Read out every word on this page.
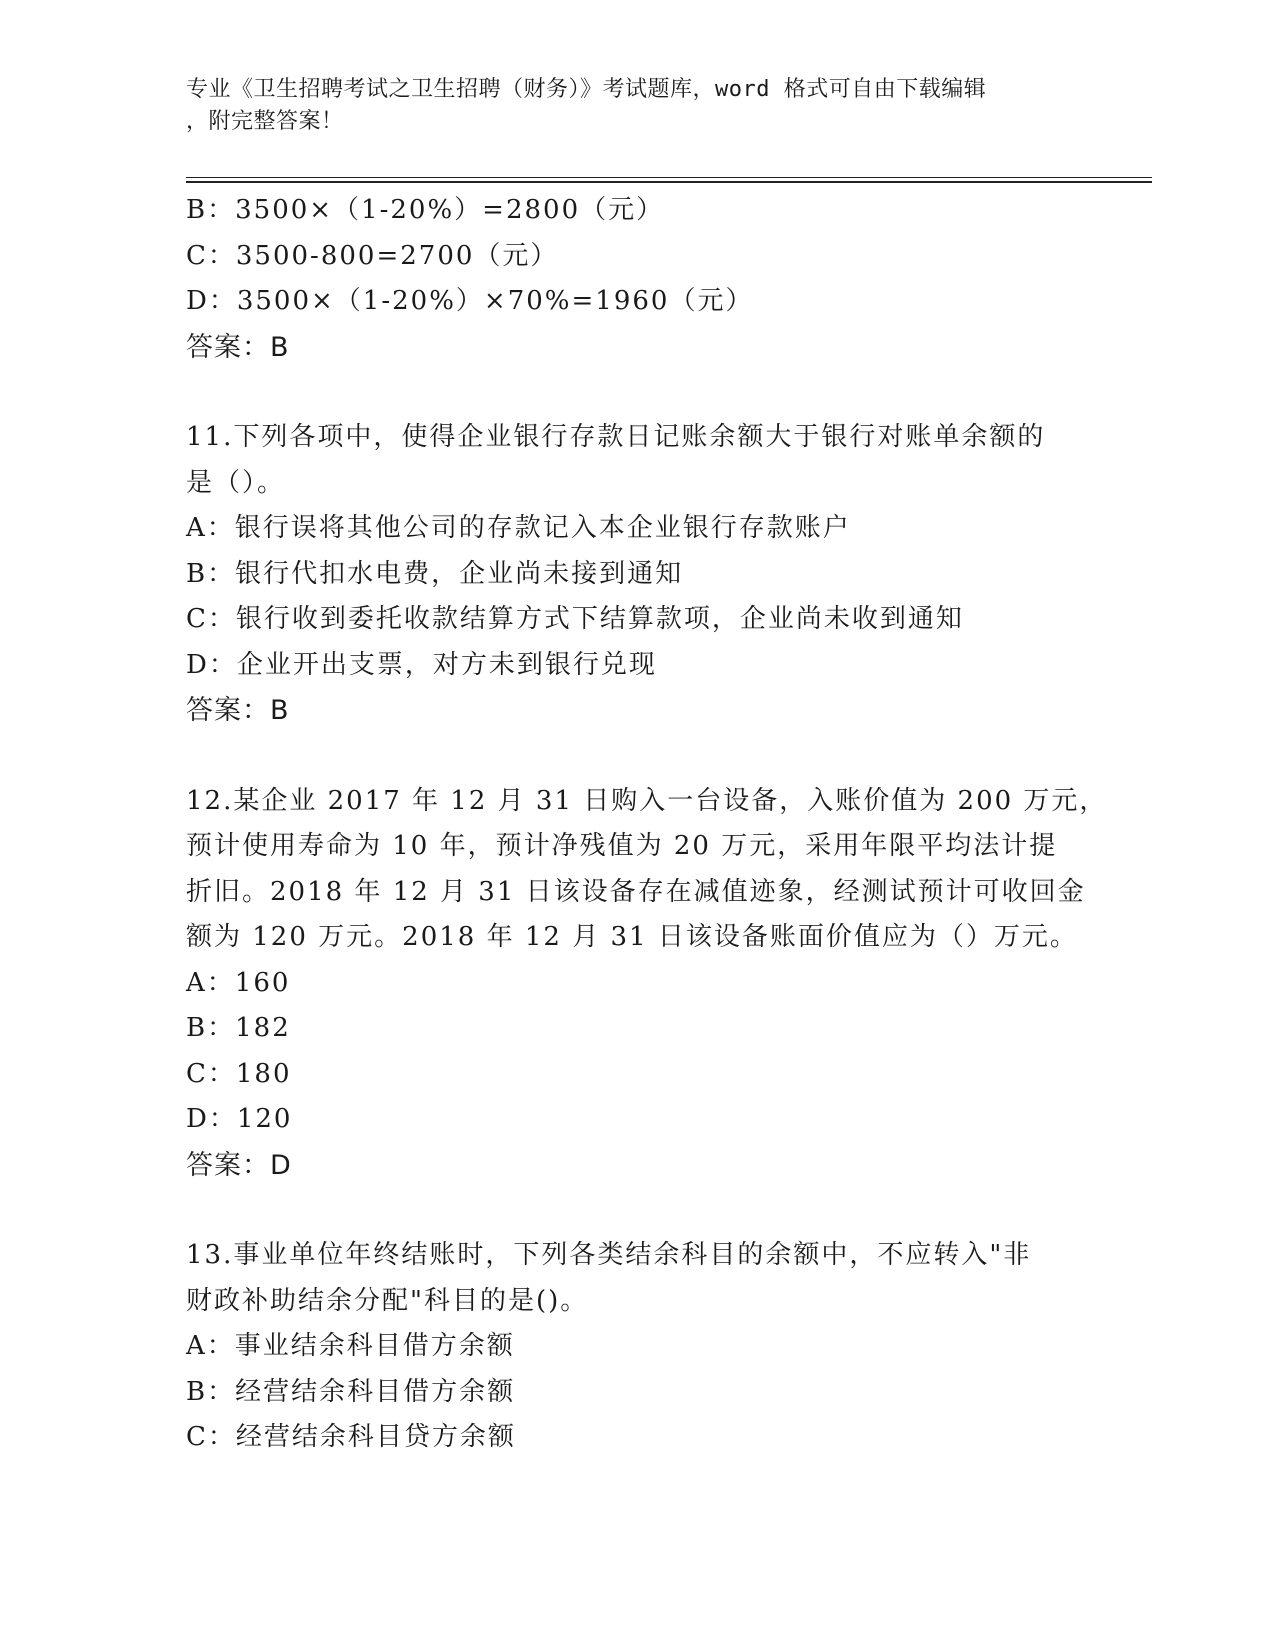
专业《卫生招聘考试之卫生招聘（财务）》考试题库，word 格式可自由下载编辑
，附完整答案！
B：3500×（1-20%）=2800（元）
C：3500-800=2700（元）
D：3500×（1-20%）×70%=1960（元）
答案：B
11.下列各项中，使得企业银行存款日记账余额大于银行对账单余额的
是（）。
A：银行误将其他公司的存款记入本企业银行存款账户
B：银行代扣水电费，企业尚未接到通知
C：银行收到委托收款结算方式下结算款项，企业尚未收到通知
D：企业开出支票，对方未到银行兑现
答案：B
12.某企业 2017 年 12 月 31 日购入一台设备，入账价值为 200 万元，
预计使用寿命为 10 年，预计净残值为 20 万元，采用年限平均法计提
折旧。2018 年 12 月 31 日该设备存在减值迹象，经测试预计可收回金
额为 120 万元。2018 年 12 月 31 日该设备账面价值应为（）万元。
A：160
B：182
C：180
D：120
答案：D
13.事业单位年终结账时，下列各类结余科目的余额中，不应转入"非
财政补助结余分配"科目的是()。
A：事业结余科目借方余额
B：经营结余科目借方余额
C：经营结余科目贷方余额
